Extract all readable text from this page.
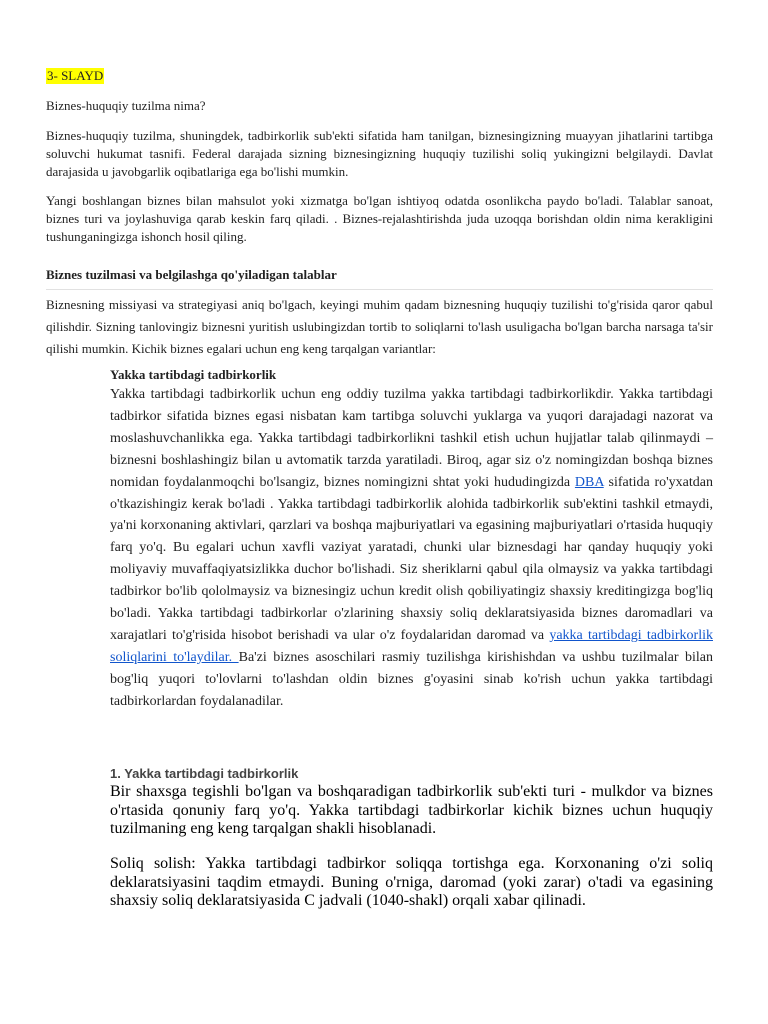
3- SLAYD

Biznes-huquqiy tuzilma nima?

Biznes-huquqiy tuzilma, shuningdek, tadbirkorlik sub'ekti sifatida ham tanilgan, biznesingizning muayyan jihatlarini tartibga soluvchi hukumat tasnifi. Federal darajada sizning biznesingizning huquqiy tuzilishi soliq yukingizni belgilaydi. Davlat darajasida u javobgarlik oqibatlariga ega bo'lishi mumkin.

Yangi boshlangan biznes bilan mahsulot yoki xizmatga bo'lgan ishtiyoq odatda osonlikcha paydo bo'ladi. Talablar sanoat, biznes turi va joylashuviga qarab keskin farq qiladi. . Biznes-rejalashtirishda juda uzoqqa borishdan oldin nima kerakligini tushunganingizga ishonch hosil qiling.

Biznes tuzilmasi va belgilashga qo'yiladigan talablar

Biznesning missiyasi va strategiyasi aniq bo'lgach, keyingi muhim qadam biznesning huquqiy tuzilishi to'g'risida qaror qabul qilishdir. Sizning tanlovingiz biznesni yuritish uslubingizdan tortib to soliqlarni to'lash usuligacha bo'lgan barcha narsaga ta'sir qilishi mumkin. Kichik biznes egalari uchun eng keng tarqalgan variantlar:

Yakka tartibdagi tadbirkorlik

Yakka tartibdagi tadbirkorlik uchun eng oddiy tuzilma yakka tartibdagi tadbirkorlikdir. Yakka tartibdagi tadbirkor sifatida biznes egasi nisbatan kam tartibga soluvchi yuklarga va yuqori darajadagi nazorat va moslashuvchanlikka ega. Yakka tartibdagi tadbirkorlikni tashkil etish uchun hujjatlar talab qilinmaydi – biznesni boshlashingiz bilan u avtomatik tarzda yaratiladi. Biroq, agar siz o'z nomingizdan boshqa biznes nomidan foydalanmoqchi bo'lsangiz, biznes nomingizni shtat yoki hududingizda DBA sifatida ro'yxatdan o'tkazishingiz kerak bo'ladi . Yakka tartibdagi tadbirkorlik alohida tadbirkorlik sub'ektini tashkil etmaydi, ya'ni korxonaning aktivlari, qarzlari va boshqa majburiyatlari va egasining majburiyatlari o'rtasida huquqiy farq yo'q. Bu egalari uchun xavfli vaziyat yaratadi, chunki ular biznesdagi har qanday huquqiy yoki moliyaviy muvaffaqiyatsizlikka duchor bo'lishadi. Siz sheriklarni qabul qila olmaysiz va yakka tartibdagi tadbirkor bo'lib qololmaysiz va biznesingiz uchun kredit olish qobiliyatingiz shaxsiy kreditingizga bog'liq bo'ladi. Yakka tartibdagi tadbirkorlar o'zlarining shaxsiy soliq deklaratsiyasida biznes daromadlari va xarajatlari to'g'risida hisobot berishadi va ular o'z foydalaridan daromad va yakka tartibdagi tadbirkorlik soliqlarini to'laydilar. Ba'zi biznes asoschilari rasmiy tuzilishga kirishishdan va ushbu tuzilmalar bilan bog'liq yuqori to'lovlarni to'lashdan oldin biznes g'oyasini sinab ko'rish uchun yakka tartibdagi tadbirkorlardan foydalanadilar.

1. Yakka tartibdagi tadbirkorlik

Bir shaxsga tegishli bo'lgan va boshqaradigan tadbirkorlik sub'ekti turi - mulkdor va biznes o'rtasida qonuniy farq yo'q. Yakka tartibdagi tadbirkorlar kichik biznes uchun huquqiy tuzilmaning eng keng tarqalgan shakli hisoblanadi.

Soliq solish: Yakka tartibdagi tadbirkor soliqqa tortishga ega. Korxonaning o'zi soliq deklaratsiyasini taqdim etmaydi. Buning o'rniga, daromad (yoki zarar) o'tadi va egasining shaxsiy soliq deklaratsiyasida C jadvali (1040-shakl) orqali xabar qilinadi.
